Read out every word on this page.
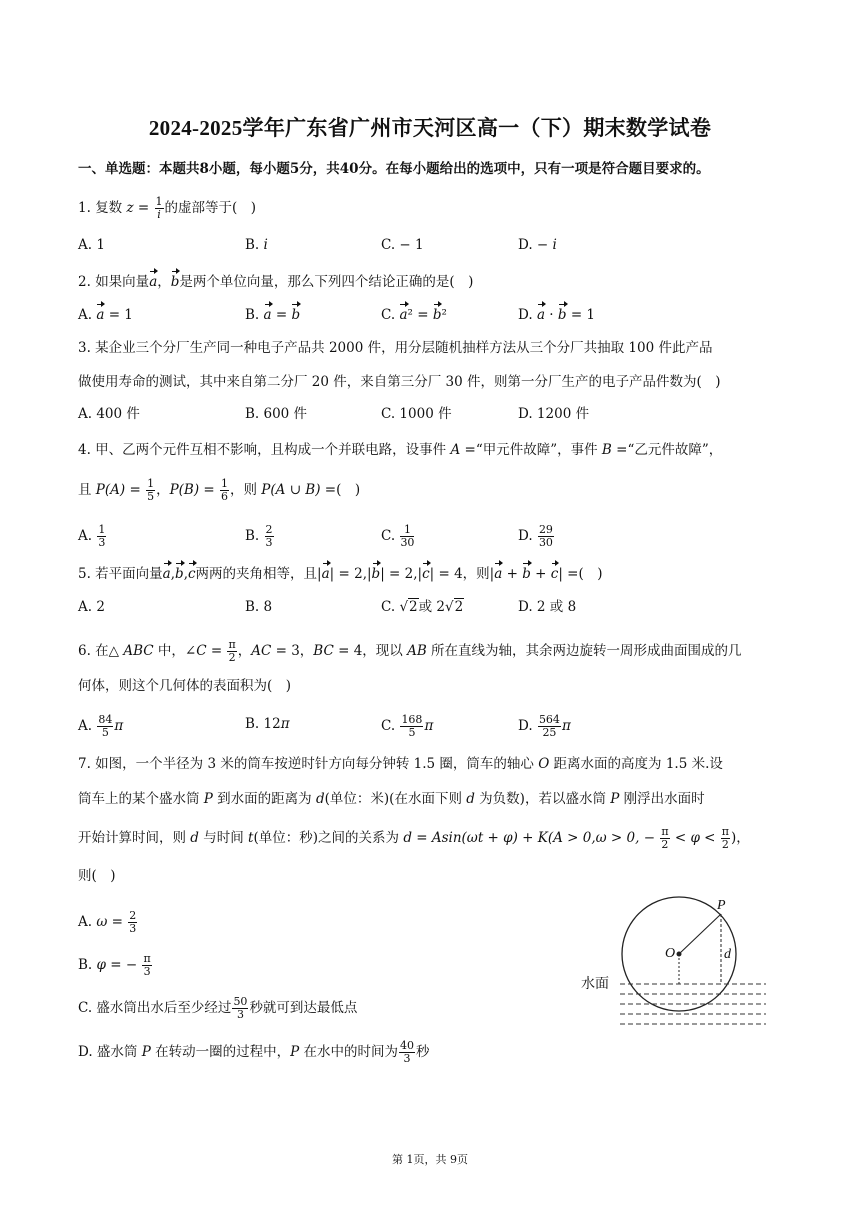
2024-2025学年广东省广州市天河区高一（下）期末数学试卷
一、单选题：本题共8小题，每小题5分，共40分。在每小题给出的选项中，只有一项是符合题目要求的。
1. 复数 $z = \frac{1}{i}$ 的虚部等于(　)
A. 1	B. i	C. − 1	D. − i
2. 如果向量a，b是两个单位向量，那么下列四个结论正确的是(　)
A. a = 1	B. a = b	C. a² = b²	D. a · b = 1
3. 某企业三个分厂生产同一种电子产品共 2000 件，用分层随机抽样方法从三个分厂共抽取 100 件此产品
做使用寿命的测试，其中来自第二分厂 20 件，来自第三分厂 30 件，则第一分厂生产的电子产品件数为(　)
A. 400 件	B. 600 件	C. 1000 件	D. 1200 件
4. 甲、乙两个元件互相不影响，且构成一个并联电路，设事件 A =“甲元件故障”，事件 B =“乙元件故障”，
且 $P(A) = \frac{1}{5}$ ，$P(B) = \frac{1}{6}$ ，则 P(A ∪ B) =(　)
A. $\frac{1}{3}$	B. $\frac{2}{3}$	C. $\frac{1}{30}$	D. $\frac{29}{30}$
5. 若平面向量a,b,c两两的夹角相等，且|a| = 2,|b| = 2,|c| = 4，则|a + b + c| =(　)
A. 2	B. 8	C. √2或 2√2	D. 2 或 8
6. 在△ ABC 中，∠C = $\frac{\pi}{2}$ ，AC = 3，BC = 4，现以 AB 所在直线为轴，其余两边旋转一周形成曲面围成的几
何体，则这个几何体的表面积为(　)
A. $\frac{84}{5}$ π	B. 12π	C. $\frac{168}{5}$ π	D. $\frac{564}{25}$ π
7. 如图，一个半径为 3 米的筒车按逆时针方向每分钟转 1.5 圈，筒车的轴心 O 距离水面的高度为 1.5 米.设
筒车上的某个盛水筒 P 到水面的距离为 d(单位：米)(在水面下则 d 为负数)，若以盛水筒 P 刚浮出水面时
开始计算时间，则 d 与时间 t(单位：秒)之间的关系为 d = Asin(ωt + φ) + K(A > 0,ω > 0, − $\frac{\pi}{2} < \varphi < \frac{\pi}{2}$ )，
则(　)
A. $\omega = \frac{2}{3}$
B. φ = − $\frac{\pi}{3}$
C. 盛水筒出水后至少经过 $\frac{50}{3}$ 秒就可到达最低点
D. 盛水筒 P 在转动一圈的过程中，P 在水中的时间为 $\frac{40}{3}$ 秒
P
O	d
水面
第 1页，共 9页
